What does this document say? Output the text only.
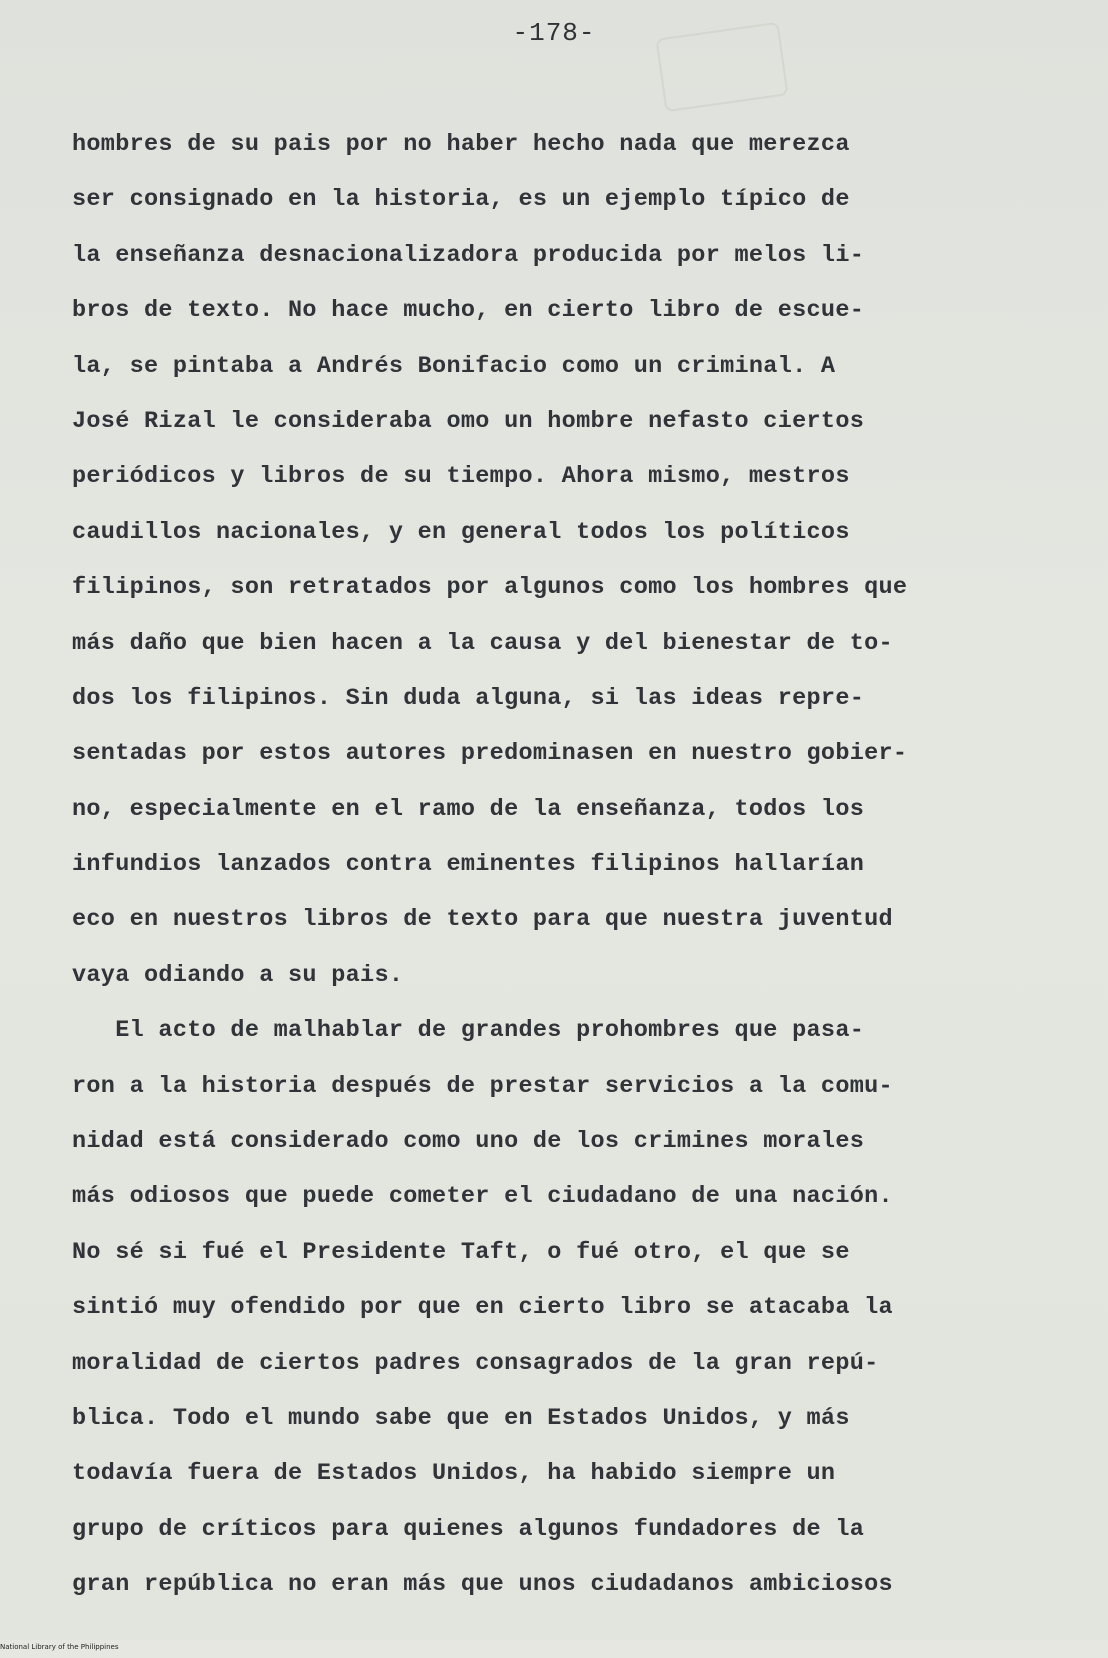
-178-
hombres de su pais por no haber hecho nada que merezca
ser consignado en la historia, es un ejemplo típico de
la enseñanza desnacionalizadora producida por melos li-
bros de texto. No hace mucho, en cierto libro de escue-
la, se pintaba a Andrés Bonifacio como un criminal. A
José Rizal le consideraba omo un hombre nefasto ciertos
periódicos y libros de su tiempo. Ahora mismo, mestros
caudillos nacionales, y en general todos los políticos
filipinos, son retratados por algunos como los hombres que
más daño que bien hacen a la causa y del bienestar de to-
dos los filipinos. Sin duda alguna, si las ideas repre-
sentadas por estos autores predominasen en nuestro gobier-
no, especialmente en el ramo de la enseñanza, todos los
infundios lanzados contra eminentes filipinos hallarían
eco en nuestros libros de texto para que nuestra juventud
vaya odiando a su pais.
El acto de malhablar de grandes prohombres que pasa-
ron a la historia después de prestar servicios a la comu-
nidad está considerado como uno de los crimines morales
más odiosos que puede cometer el ciudadano de una nación.
No sé si fué el Presidente Taft, o fué otro, el que se
sintió muy ofendido por que en cierto libro se atacaba la
moralidad de ciertos padres consagrados de la gran repú-
blica. Todo el mundo sabe que en Estados Unidos, y más
todavía fuera de Estados Unidos, ha habido siempre un
grupo de críticos para quienes algunos fundadores de la
gran república no eran más que unos ciudadanos ambiciosos
National Library of the Philippines
